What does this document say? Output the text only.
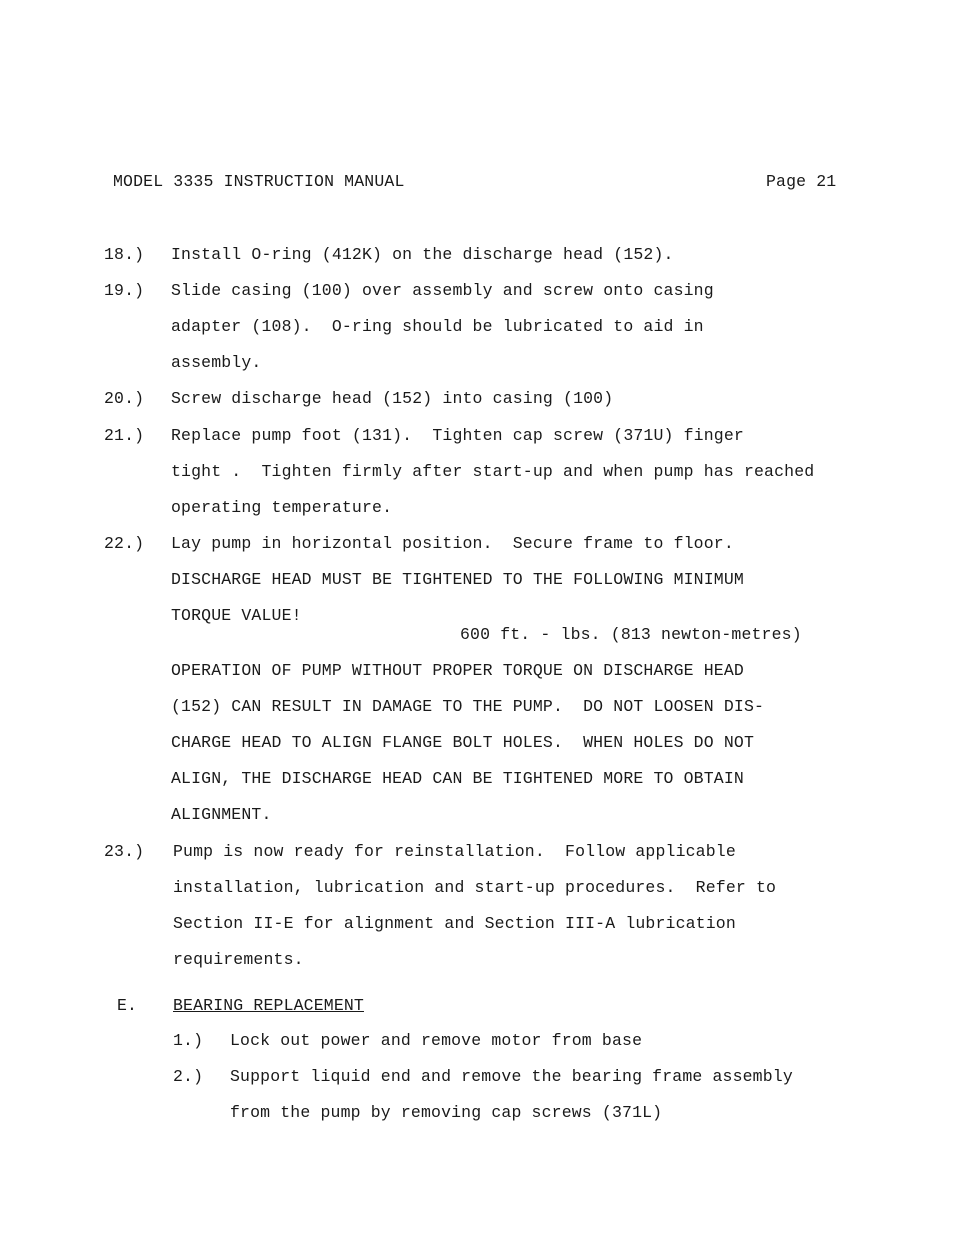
MODEL 3335 INSTRUCTION MANUAL	Page 21
18.) Install O-ring (412K) on the discharge head (152).
19.) Slide casing (100) over assembly and screw onto casing
adapter (108).  O-ring should be lubricated to aid in
assembly.
20.) Screw discharge head (152) into casing (100)
21.) Replace pump foot (131).  Tighten cap screw (371U) finger
tight .  Tighten firmly after start-up and when pump has reached
operating temperature.
22.) Lay pump in horizontal position.  Secure frame to floor.
DISCHARGE HEAD MUST BE TIGHTENED TO THE FOLLOWING MINIMUM
TORQUE VALUE!
600 ft. - lbs. (813 newton-metres)
OPERATION OF PUMP WITHOUT PROPER TORQUE ON DISCHARGE HEAD
(152) CAN RESULT IN DAMAGE TO THE PUMP.  DO NOT LOOSEN DIS-
CHARGE HEAD TO ALIGN FLANGE BOLT HOLES.  WHEN HOLES DO NOT
ALIGN, THE DISCHARGE HEAD CAN BE TIGHTENED MORE TO OBTAIN
ALIGNMENT.
23.) Pump is now ready for reinstallation.  Follow applicable
installation, lubrication and start-up procedures.  Refer to
Section II-E for alignment and Section III-A lubrication
requirements.
E. BEARING REPLACEMENT
1.) Lock out power and remove motor from base
2.) Support liquid end and remove the bearing frame assembly
from the pump by removing cap screws (371L)
